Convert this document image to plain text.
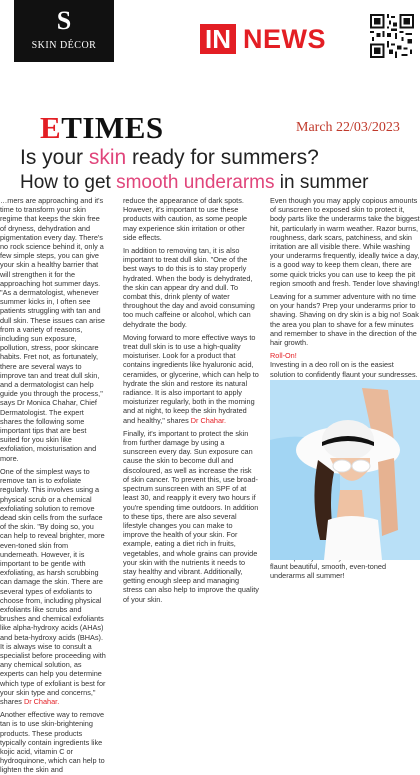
S
SKIN DÉCOR	IN NEWS
ETIMES	March 22/03/2023
Is your skin ready for summers?
How to get smooth underarms in summer

…mers are approaching and it's time to transform your skin regime that keeps the skin free of dryness, dehydration and pigmentation every day. There's no rock science behind it, only a few simple steps, you can give your skin a healthy barrier that will strengthen it for the approaching hot summer days. "As a dermatologist, whenever summer kicks in, I often see patients struggling with tan and dull skin. These issues can arise from a variety of reasons, including sun exposure, pollution, stress, poor skincare habits. Fret not, as fortunately, there are several ways to improve tan and treat dull skin, and a dermatologist can help guide you through the process," says Dr Monica Chahar, Chief Dermatologist. The expert shares the following some important tips that are best suited for you skin like exfoliation, moisturisation and more.

One of the simplest ways to remove tan is to exfoliate regularly. This involves using a physical scrub or a chemical exfoliating solution to remove dead skin cells from the surface of the skin. "By doing so, you can help to reveal brighter, more even-toned skin from underneath. However, it is important to be gentle with exfoliating, as harsh scrubbing can damage the skin. There are several types of exfoliants to choose from, including physical exfoliants like scrubs and brushes and chemical exfoliants like alpha-hydroxy acids (AHAs) and beta-hydroxy acids (BHAs). It is always wise to consult a specialist before proceeding with any chemical solution, as experts can help you determine which type of exfoliant is best for your skin type and concerns," shares Dr Chahar.

Another effective way to remove tan is to use skin-brightening products. These products typically contain ingredients like kojic acid, vitamin C or hydroquinone, which can help to lighten the skin and

reduce the appearance of dark spots. However, it's important to use these products with caution, as some people may experience skin irritation or other side effects.

In addition to removing tan, it is also important to treat dull skin. "One of the best ways to do this is to stay properly hydrated. When the body is dehydrated, the skin can appear dry and dull. To combat this, drink plenty of water throughout the day and avoid consuming too much caffeine or alcohol, which can dehydrate the body.

Moving forward to more effective ways to treat dull skin is to use a high-quality moisturiser. Look for a product that contains ingredients like hyaluronic acid, ceramides, or glycerine, which can help to hydrate the skin and restore its natural radiance. It is also important to apply moisturizer regularly, both in the morning and at night, to keep the skin hydrated and healthy," shares Dr Chahar.

Finally, it's important to protect the skin from further damage by using a sunscreen every day. Sun exposure can cause the skin to become dull and discoloured, as well as increase the risk of skin cancer. To prevent this, use broad-spectrum sunscreen with an SPF of at least 30, and reapply it every two hours if you're spending time outdoors. In addition to these tips, there are also several lifestyle changes you can make to improve the health of your skin. For example, eating a diet rich in fruits, vegetables, and whole grains can provide your skin with the nutrients it needs to stay healthy and vibrant. Additionally, getting enough sleep and managing stress can also help to improve the quality of your skin.

Even though you may apply copious amounts of sunscreen to exposed skin to protect it, body parts like the underarms take the biggest hit, particularly in warm weather. Razor burns, roughness, dark scars, patchiness, and skin irritation are all visible there. While washing your underarms frequently, ideally twice a day, is a good way to keep them clean, there are some quick tricks you can use to keep the pit region smooth and fresh. Tender love shaving!

Leaving for a summer adventure with no time on your hands? Prep your underarms prior to shaving. Shaving on dry skin is a big no! Soak the area you plan to shave for a few minutes and remember to shave in the direction of the hair growth.

Roll-On!

Investing in a deo roll on is the easiest solution to confidently flaunt your sundresses.

flaunt beautiful, smooth, even-toned underarms all summer!
